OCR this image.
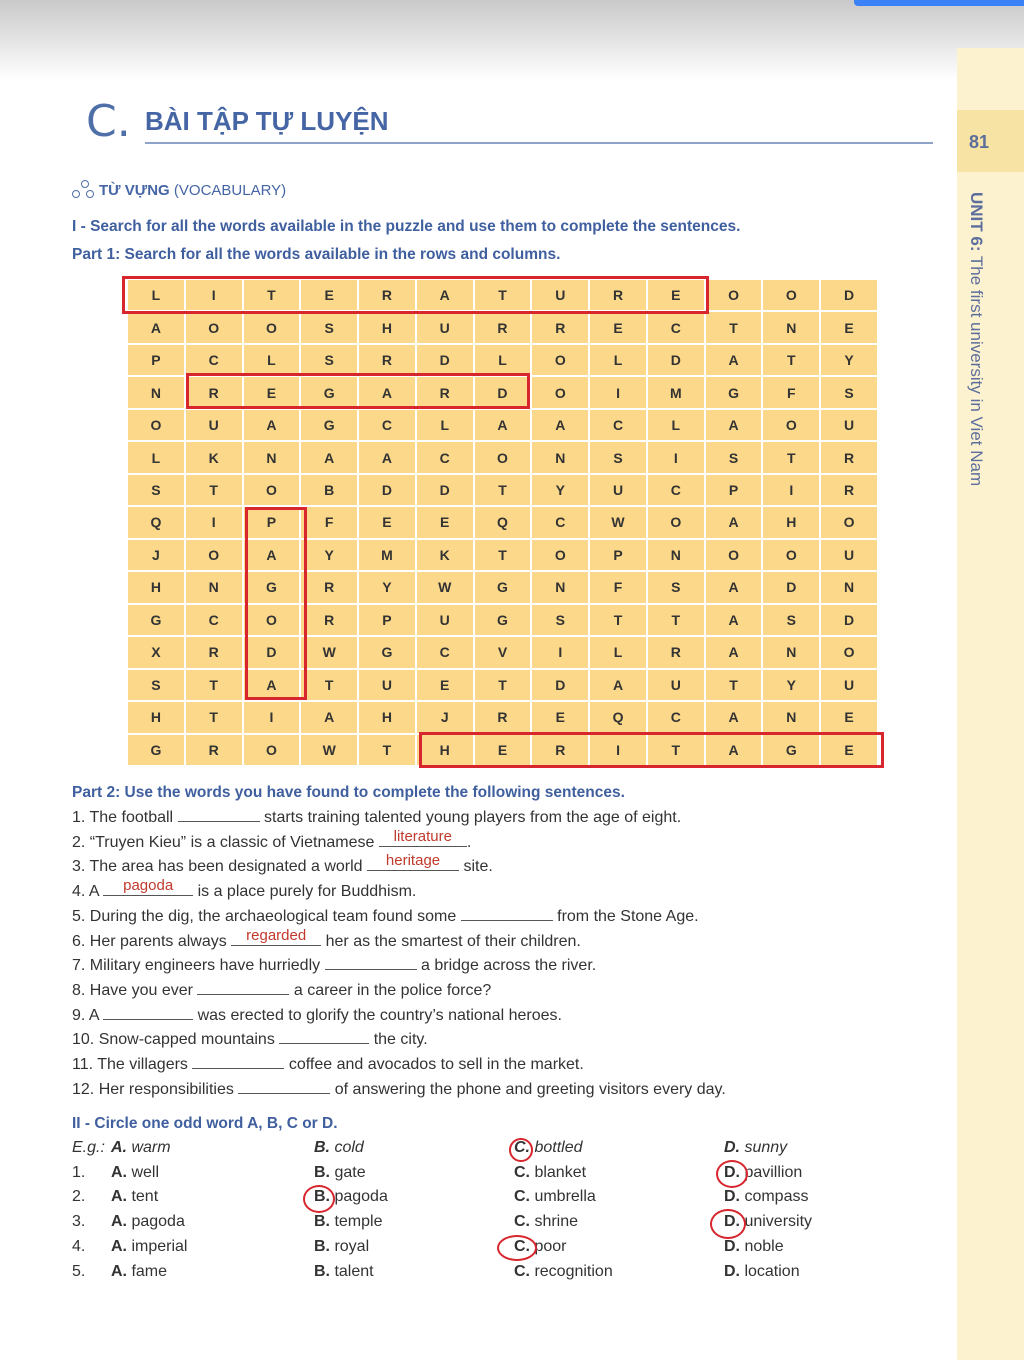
81
UNIT 6: The first university in Viet Nam
C. BÀI TẬP TỰ LUYỆN
TỪ VỰNG (VOCABULARY)
I - Search for all the words available in the puzzle and use them to complete the sentences.
Part 1: Search for all the words available in the rows and columns.
L	I	T	E	R	A	T	U	R	E	O	O	D
A	O	O	S	H	U	R	R	E	C	T	N	E
P	C	L	S	R	D	L	O	L	D	A	T	Y
N	R	E	G	A	R	D	O	I	M	G	F	S
O	U	A	G	C	L	A	A	C	L	A	O	U
L	K	N	A	A	C	O	N	S	I	S	T	R
S	T	O	B	D	D	T	Y	U	C	P	I	R
Q	I	P	F	E	E	Q	C	W	O	A	H	O
J	O	A	Y	M	K	T	O	P	N	O	O	U
H	N	G	R	Y	W	G	N	F	S	A	D	N
G	C	O	R	P	U	G	S	T	T	A	S	D
X	R	D	W	G	C	V	I	L	R	A	N	O
S	T	A	T	U	E	T	D	A	U	T	Y	U
H	T	I	A	H	J	R	E	Q	C	A	N	E
G	R	O	W	T	H	E	R	I	T	A	G	E
Part 2: Use the words you have found to complete the following sentences.
1. The football	starts training talented young players from the age of eight.
2. “Truyen Kieu” is a classic of Vietnamese literature .
3. The area has been designated a world	heritage	site.
4. A	pagoda	is a place purely for Buddhism.
5. During the dig, the archaeological team found some	from the Stone Age.
6. Her parents always regarded her as the smartest of their children.
7. Military engineers have hurriedly	a bridge across the river.
8. Have you ever	a career in the police force?
9. A	was erected to glorify the country’s national heroes.
10. Snow-capped mountains	the city.
11. The villagers	coffee and avocados to sell in the market.
12. Her responsibilities	of answering the phone and greeting visitors every day.
II - Circle one odd word A, B, C or D.
E.g.: A. warm	B. cold	C. bottled	D. sunny
1. A. well	B. gate	C. blanket	D. pavillion
2. A. tent	B. pagoda	C. umbrella	D. compass
3. A. pagoda	B. temple	C. shrine	D. university
4. A. imperial	B. royal	C. poor	D. noble
5. A. fame	B. talent	C. recognition	D. location
